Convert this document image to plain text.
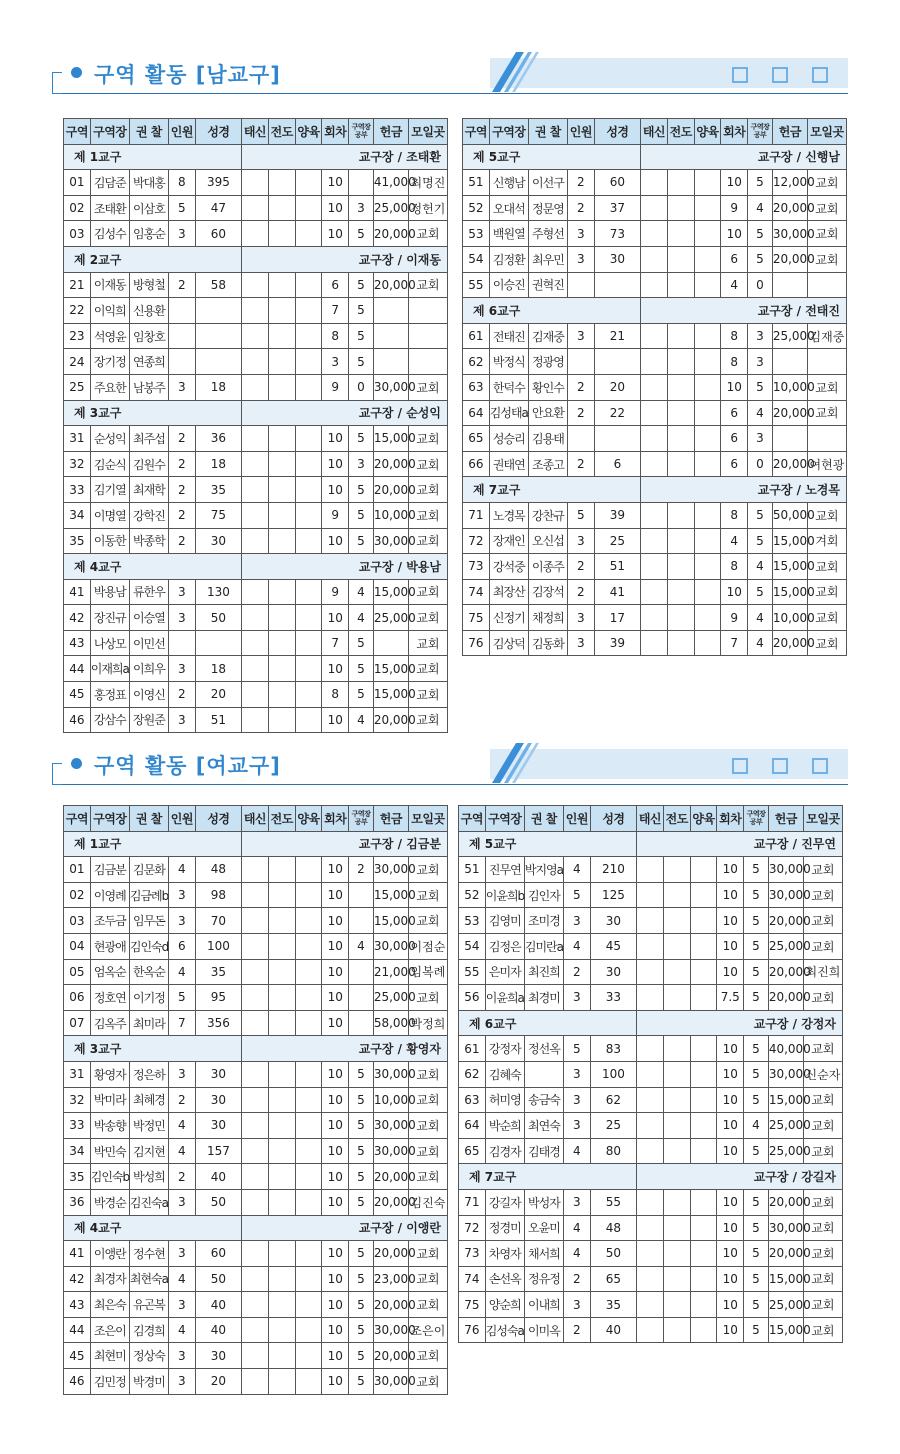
구역 활동 [남교구]
구역	구역장	권 찰	인원	성경	태신	전도	양육	회차	구역장
공부	헌금	모일곳
제 1교구					교구장 / 조태환						
01	김담준	박대홍	8	395				10		41,000	최명진
02	조태환	이삼호	5	47				10	3	25,000	정헌기
03	김성수	임홍순	3	60				10	5	20,000	교회
제 2교구					교구장 / 이재동						
21	이재동	방형철	2	58				6	5	20,000	교회
22	이익희	신용환						7	5		
23	석영윤	임창호						8	5		
24	장기정	연종희						3	5		
25	주요한	남봉주	3	18				9	0	30,000	교회
제 3교구					교구장 / 순성익						
31	순성익	최주섭	2	36				10	5	15,000	교회
32	김순식	김원수	2	18				10	3	20,000	교회
33	김기열	최재학	2	35				10	5	20,000	교회
34	이명열	강학진	2	75				9	5	10,000	교회
35	이동한	박종학	2	30				10	5	30,000	교회
제 4교구					교구장 / 박용남						
41	박용남	류한우	3	130				9	4	15,000	교회
42	장진규	이승열	3	50				10	4	25,000	교회
43	나상모	이민선						7	5		교회
44	이재희a	이희우	3	18				10	5	15,000	교회
45	홍정표	이영신	2	20				8	5	15,000	교회
46	강삼수	장원준	3	51				10	4	20,000	교회
구역	구역장	권 찰	인원	성경	태신	전도	양육	회차	구역장
공부	헌금	모일곳
제 5교구					교구장 / 신행남						
51	신행남	이선구	2	60				10	5	12,000	교회
52	오대석	정문영	2	37				9	4	20,000	교회
53	백원열	주형선	3	73				10	5	30,000	교회
54	김정환	최우민	3	30				6	5	20,000	교회
55	이승진	권혁진						4	0		
제 6교구					교구장 / 전태진						
61	전태진	김재중	3	21				8	3	25,000	김재중
62	박정식	정광영						8	3		
63	한덕수	황인수	2	20				10	5	10,000	교회
64	김성태a	안요환	2	22				6	4	20,000	교회
65	성승리	김용태						6	3		
66	권태연	조종고	2	6				6	0	20,000	여현광
제 7교구					교구장 / 노경목						
71	노경목	강찬규	5	39				8	5	50,000	교회
72	장재인	오신섭	3	25				4	5	15,000	겨회
73	강석중	이종주	2	51				8	4	15,000	교회
74	최장산	김장석	2	41				10	5	15,000	교회
75	신정기	채정희	3	17				9	4	10,000	교회
76	김상덕	김동화	3	39				7	4	20,000	교회
구역 활동 [여교구]
구역	구역장	권 찰	인원	성경	태신	전도	양육	회차	구역장
공부	헌금	모일곳
제 1교구					교구장 / 김금분						
01	김금분	김문화	4	48				10	2	30,000	교회
02	이영례	김금례b	3	98				10		15,000	교회
03	조두금	임무돈	3	70				10		15,000	교회
04	현광애	김인숙d	6	100				10	4	30,000	이점순
05	엄옥순	한옥순	4	35				10		21,000	임복례
06	정호연	이기정	5	95				10		25,000	교회
07	김옥주	최미라	7	356				10		58,000	박정희
제 3교구					교구장 / 황영자						
31	황영자	정은하	3	30				10	5	30,000	교회
32	박미라	최혜경	2	30				10	5	10,000	교회
33	박송향	박정민	4	30				10	5	30,000	교회
34	박민숙	김지현	4	157				10	5	30,000	교회
35	김인숙b	박성희	2	40				10	5	20,000	교회
36	박경순	김진숙a	3	50				10	5	20,000	김진숙
제 4교구					교구장 / 이앵란						
41	이앵란	정수현	3	60				10	5	20,000	교회
42	최경자	최현숙a	4	50				10	5	23,000	교회
43	최은숙	유곤복	3	40				10	5	20,000	교회
44	조은이	김경희	4	40				10	5	30,000	조은이
45	최현미	정상숙	3	30				10	5	20,000	교회
46	김민정	박경미	3	20				10	5	30,000	교회
구역	구역장	권 찰	인원	성경	태신	전도	양육	회차	구역장
공부	헌금	모일곳
제 5교구					교구장 / 진무연						
51	진무연	박지영a	4	210				10	5	30,000	교회
52	이윤희b	김인자	5	125				10	5	30,000	교회
53	김영미	조미경	3	30				10	5	20,000	교회
54	김정은	김미란a	4	45				10	5	25,000	교회
55	은미자	최진희	2	30				10	5	20,000	최진희
56	이윤희a	최경미	3	33				7.5	5	20,000	교회
제 6교구					교구장 / 강정자						
61	강정자	정선옥	5	83				10	5	40,000	교회
62	김혜숙		3	100				10	5	30,000	신순자
63	허미영	송금숙	3	62				10	5	15,000	교회
64	박순희	최연숙	3	25				10	4	25,000	교회
65	김경자	김태경	4	80				10	5	25,000	교회
제 7교구					교구장 / 강길자						
71	강길자	박성자	3	55				10	5	20,000	교회
72	정경미	오윤미	4	48				10	5	30,000	교회
73	차영자	채서희	4	50				10	5	20,000	교회
74	손선옥	정유정	2	65				10	5	15,000	교회
75	양순희	이내희	3	35				10	5	25,000	교회
76	김성숙a	이미옥	2	40				10	5	15,000	교회
